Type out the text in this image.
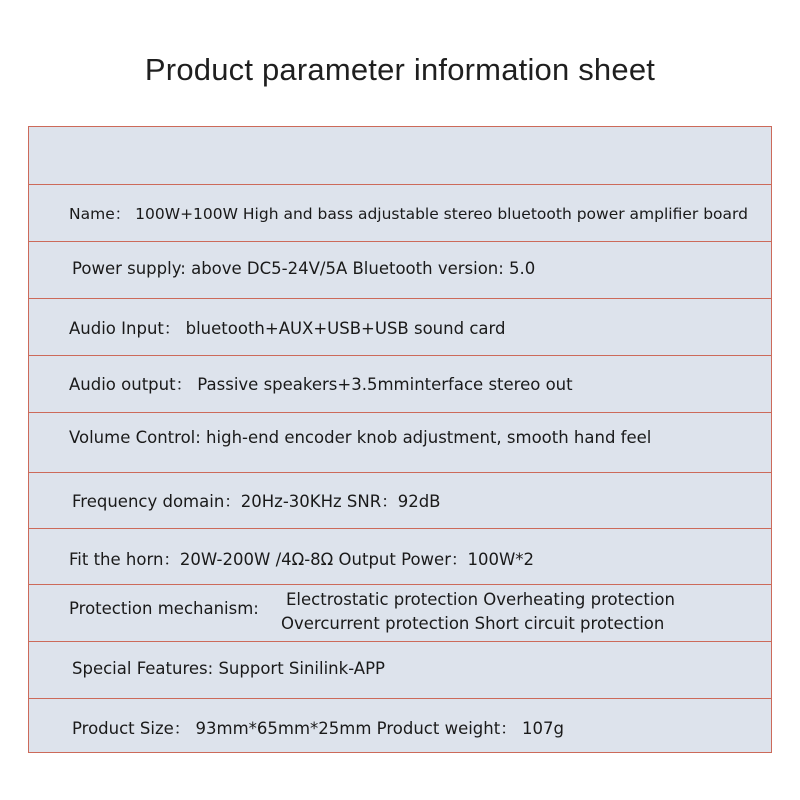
Product parameter information sheet
Name： 100W+100W High and bass adjustable stereo bluetooth power amplifier board
Power supply: above DC5-24V/5A Bluetooth version: 5.0
Audio Input： bluetooth+AUX+USB+USB sound card
Audio output： Passive speakers+3.5mminterface stereo out
Volume Control: high-end encoder knob adjustment, smooth hand feel
Frequency domain：20Hz-30KHz SNR：92dB
Fit the horn：20W-200W /4Ω-8Ω Output Power：100W*2
Protection mechanism:	Electrostatic protection Overheating protection
Overcurrent protection Short circuit protection
Special Features: Support Sinilink-APP
Product Size： 93mm*65mm*25mm Product weight： 107g
